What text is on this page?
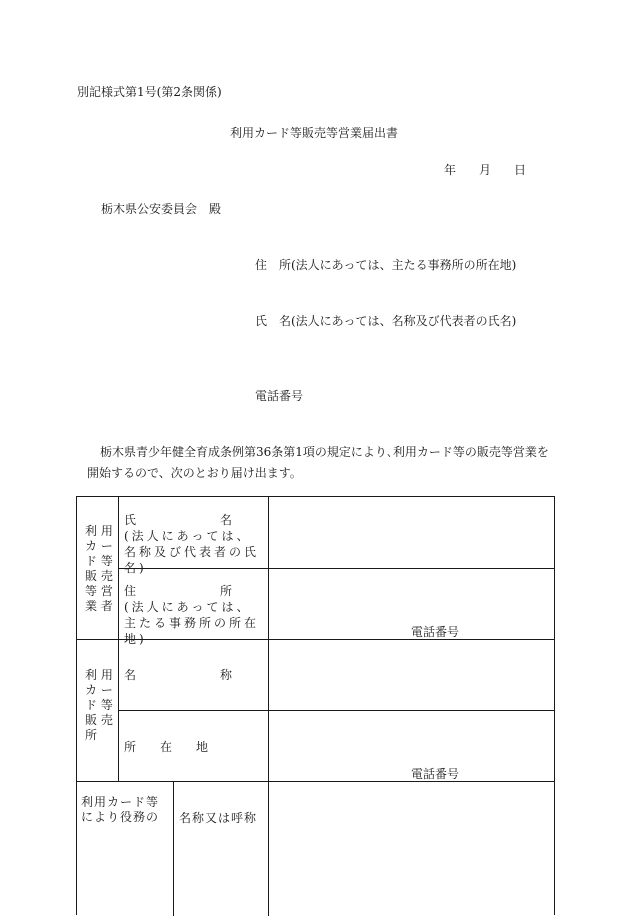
別記様式第1号(第2条関係)
利用カード等販売等営業届出書
年 月 日
栃木県公安委員会　殿
住　所(法人にあっては、主たる事務所の所在地)
氏　名(法人にあっては、名称及び代表者の氏名)
電話番号
栃木県青少年健全育成条例第36条第1項の規定により､利用カード等の販売等営業を開始するので、次のとおり届け出ます。
利 用
カ ー
ド 等
販 売
等 営
業 者
氏　　　　　　　名
(法人にあっては、名称及び代表者の氏名)
住　　　　　　　所
(法人にあっては、主たる事務所の所在地)	電話番号
利 用
カ ー
ド 等
販 売
所
名　　　　　　　称
所　　在　　地
電話番号
利用カード等
により役務の 名称又は呼称
